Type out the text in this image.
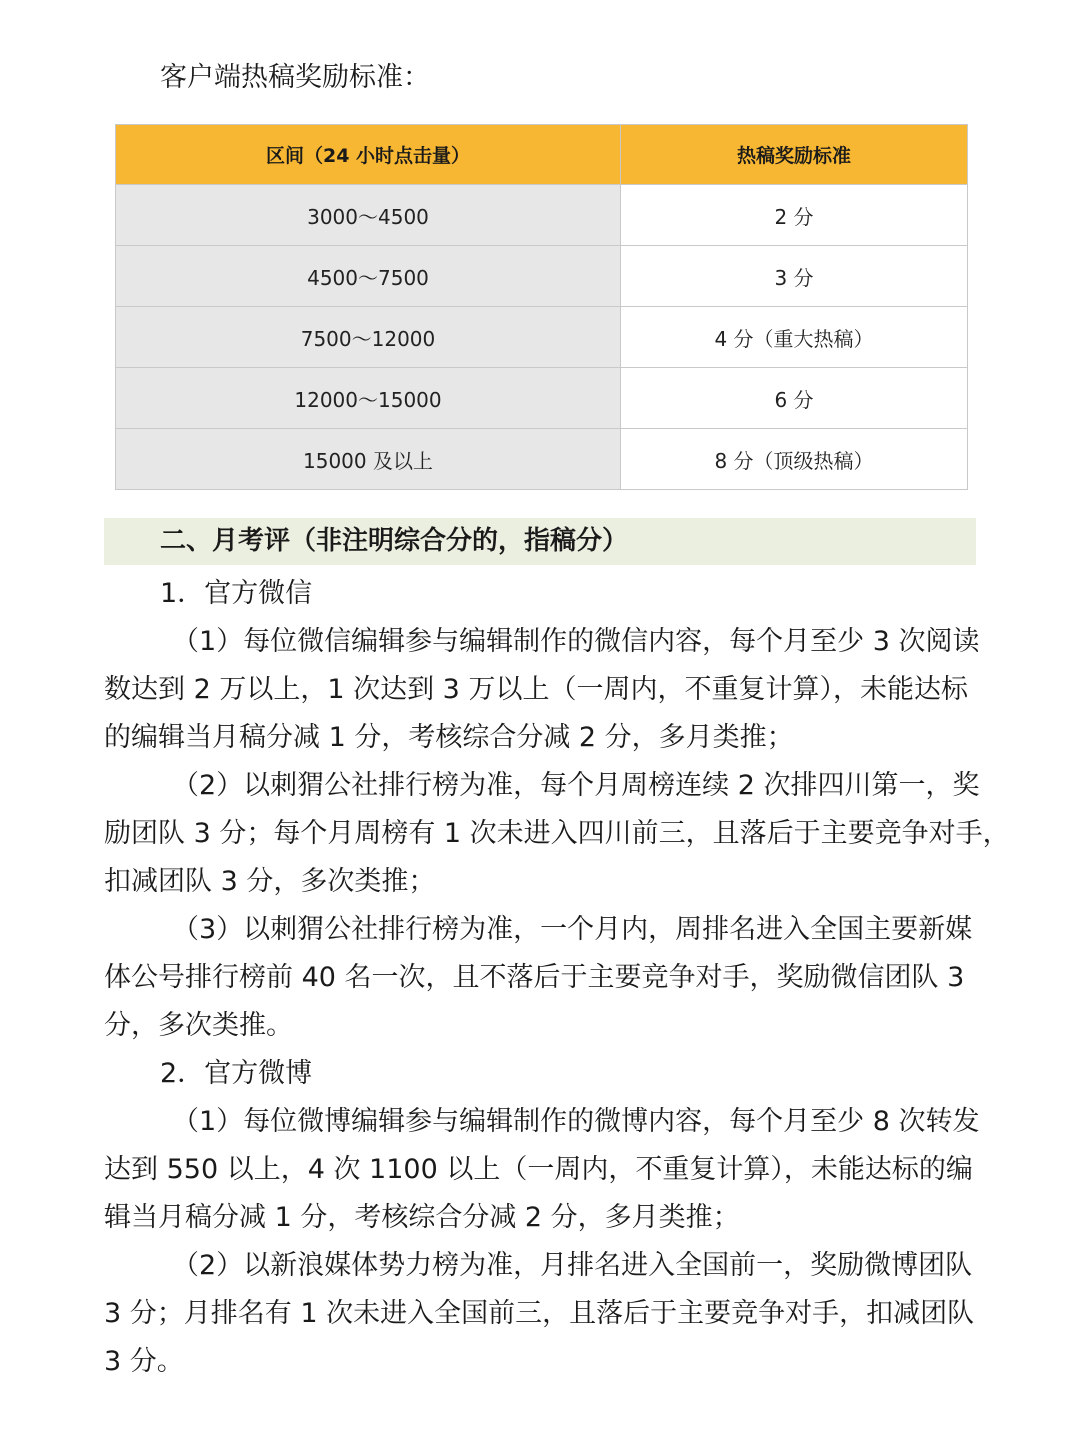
客户端热稿奖励标准：
区间（24 小时点击量）	热稿奖励标准
3000～4500	2 分
4500～7500	3 分
7500～12000	4 分（重大热稿）
12000～15000	6 分
15000 及以上	8 分（顶级热稿）
二、月考评（非注明综合分的，指稿分）

1．官方微信

（1）每位微信编辑参与编辑制作的微信内容，每个月至少 3 次阅读
数达到 2 万以上，1 次达到 3 万以上（一周内，不重复计算），未能达标
的编辑当月稿分减 1 分，考核综合分减 2 分，多月类推；

（2）以刺猬公社排行榜为准，每个月周榜连续 2 次排四川第一，奖
励团队 3 分；每个月周榜有 1 次未进入四川前三，且落后于主要竞争对手，
扣减团队 3 分，多次类推；

（3）以刺猬公社排行榜为准，一个月内，周排名进入全国主要新媒
体公号排行榜前 40 名一次，且不落后于主要竞争对手，奖励微信团队 3
分，多次类推。

2．官方微博

（1）每位微博编辑参与编辑制作的微博内容，每个月至少 8 次转发
达到 550 以上，4 次 1100 以上（一周内，不重复计算），未能达标的编
辑当月稿分减 1 分，考核综合分减 2 分，多月类推；

（2）以新浪媒体势力榜为准，月排名进入全国前一，奖励微博团队
3 分；月排名有 1 次未进入全国前三，且落后于主要竞争对手，扣减团队
3 分。
